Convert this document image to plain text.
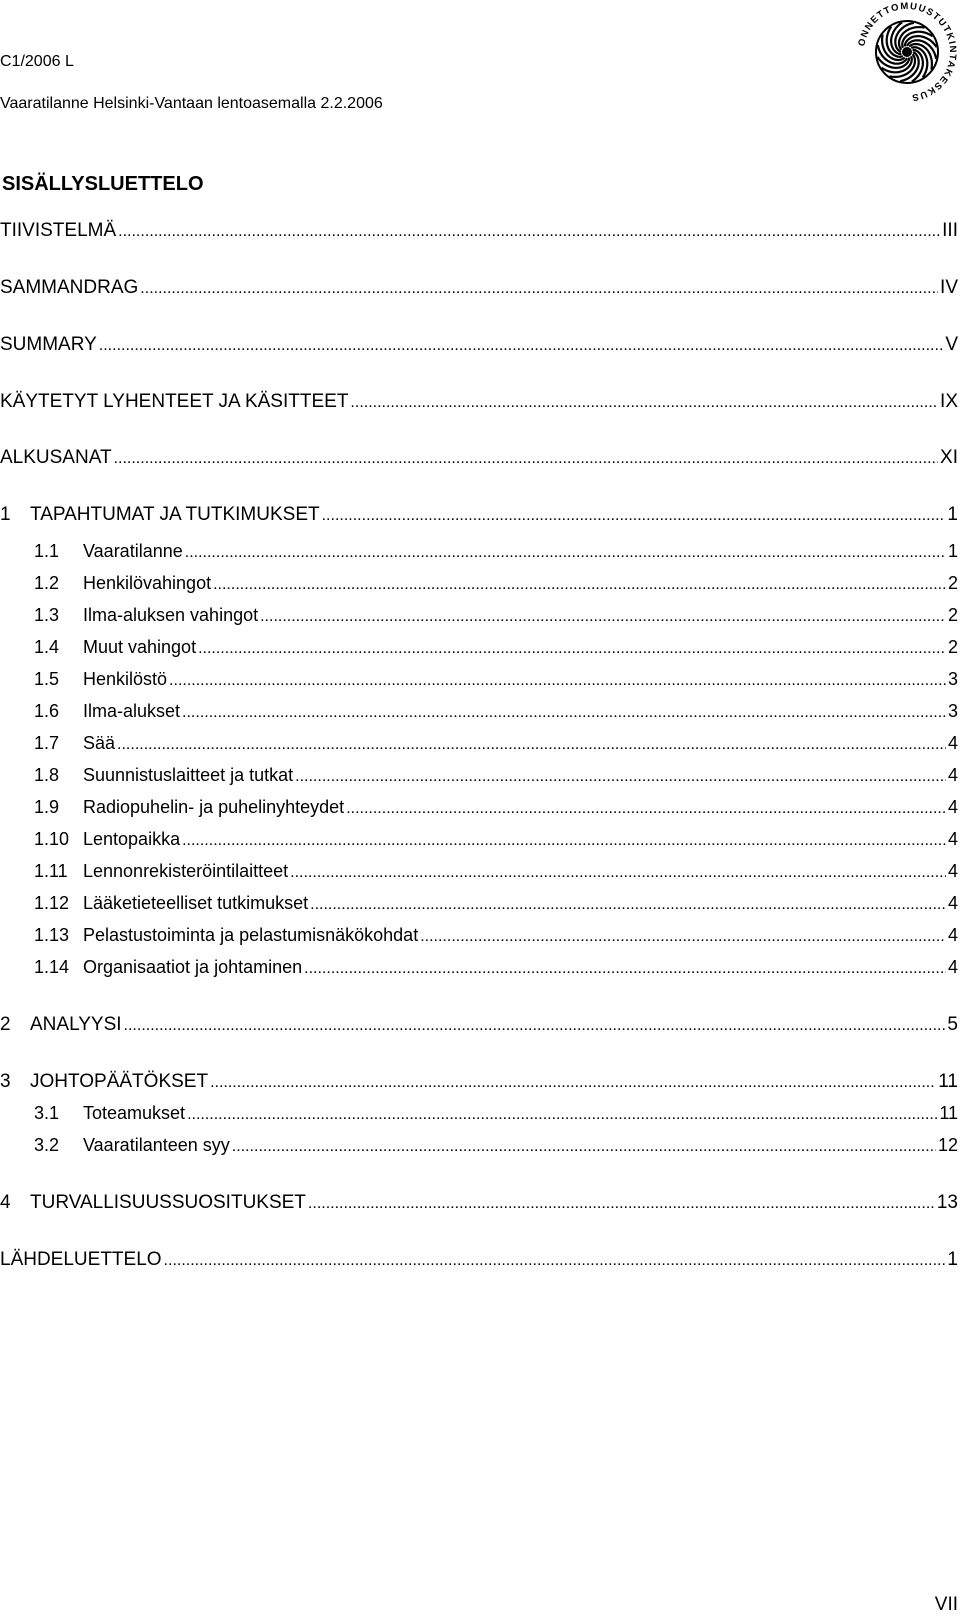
C1/2006 L
Vaaratilanne Helsinki-Vantaan lentoasemalla 2.2.2006
ONNETTOMUUSTUTKINTAKESKUS
SISÄLLYSLUETTELO
TIIVISTELMÄ .....	III
SAMMANDRAG .....	IV
SUMMARY .....	V
KÄYTETYT LYHENTEET JA KÄSITTEET .....	IX
ALKUSANAT .....	XI
1	TAPAHTUMAT JA TUTKIMUKSET .....	1
1.1	Vaaratilanne .....	1
1.2	Henkilövahingot .....	2
1.3	Ilma-aluksen vahingot .....	2
1.4	Muut vahingot .....	2
1.5	Henkilöstö .....	3
1.6	Ilma-alukset .....	3
1.7	Sää .....	4
1.8	Suunnistuslaitteet ja tutkat .....	4
1.9	Radiopuhelin- ja puhelinyhteydet .....	4
1.10 Lentopaikka .....	4
1.11 Lennonrekisteröintilaitteet .....	4
1.12 Lääketieteelliset tutkimukset .....	4
1.13 Pelastustoiminta ja pelastumisnäkökohdat .....	4
1.14 Organisaatiot ja johtaminen .....	4
2	ANALYYSI .....	5
3	JOHTOPÄÄTÖKSET .....	11
3.1	Toteamukset .....	11
3.2	Vaaratilanteen syy .....	12
4	TURVALLISUUSSUOSITUKSET .....	13
LÄHDELUETTELO .....	1
VII
